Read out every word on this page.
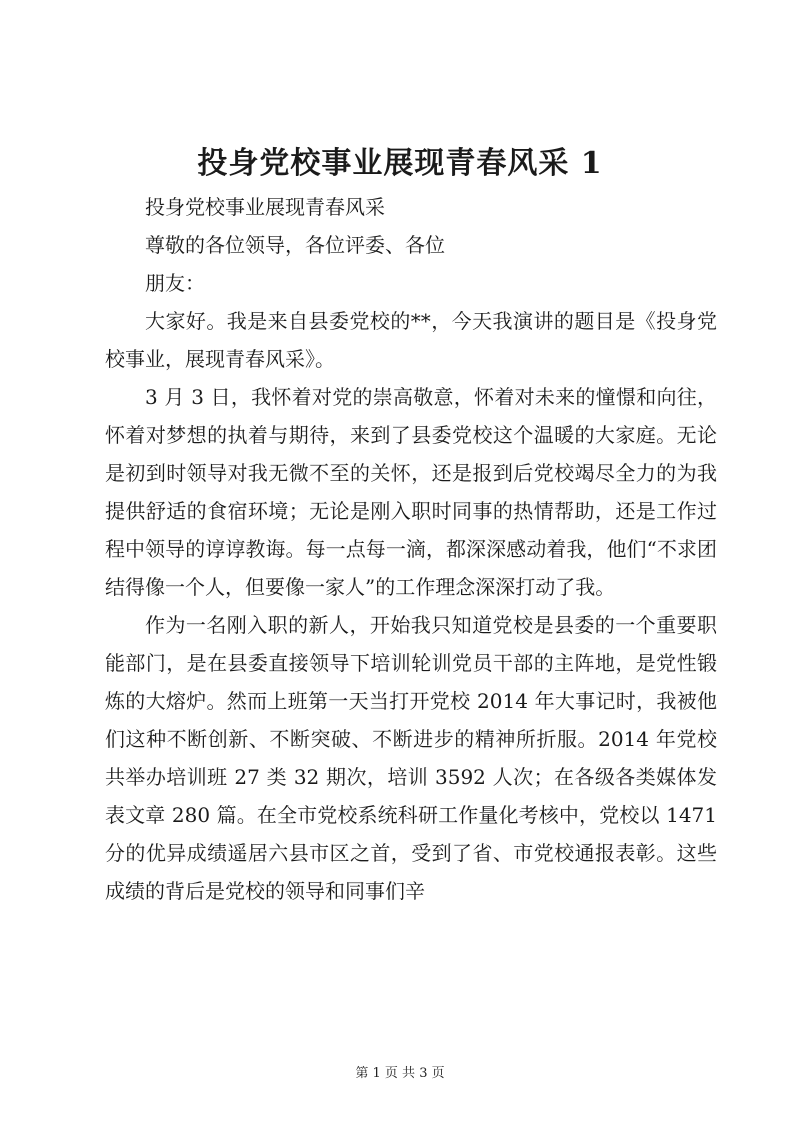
投身党校事业展现青春风采 1

投身党校事业展现青春风采

尊敬的各位领导，各位评委、各位

朋友：

大家好。我是来自县委党校的**，今天我演讲的题目是《投身党校事业，展现青春风采》。

3 月 3 日，我怀着对党的崇高敬意，怀着对未来的憧憬和向往，怀着对梦想的执着与期待，来到了县委党校这个温暖的大家庭。无论是初到时领导对我无微不至的关怀，还是报到后党校竭尽全力的为我提供舒适的食宿环境；无论是刚入职时同事的热情帮助，还是工作过程中领导的谆谆教诲。每一点每一滴，都深深感动着我，他们“不求团结得像一个人，但要像一家人”的工作理念深深打动了我。

作为一名刚入职的新人，开始我只知道党校是县委的一个重要职能部门，是在县委直接领导下培训轮训党员干部的主阵地，是党性锻炼的大熔炉。然而上班第一天当打开党校 2014 年大事记时，我被他们这种不断创新、不断突破、不断进步的精神所折服。2014 年党校共举办培训班 27 类 32 期次，培训 3592 人次；在各级各类媒体发表文章 280 篇。在全市党校系统科研工作量化考核中，党校以 1471 分的优异成绩遥居六县市区之首，受到了省、市党校通报表彰。这些成绩的背后是党校的领导和同事们辛

第 1 页 共 3 页
